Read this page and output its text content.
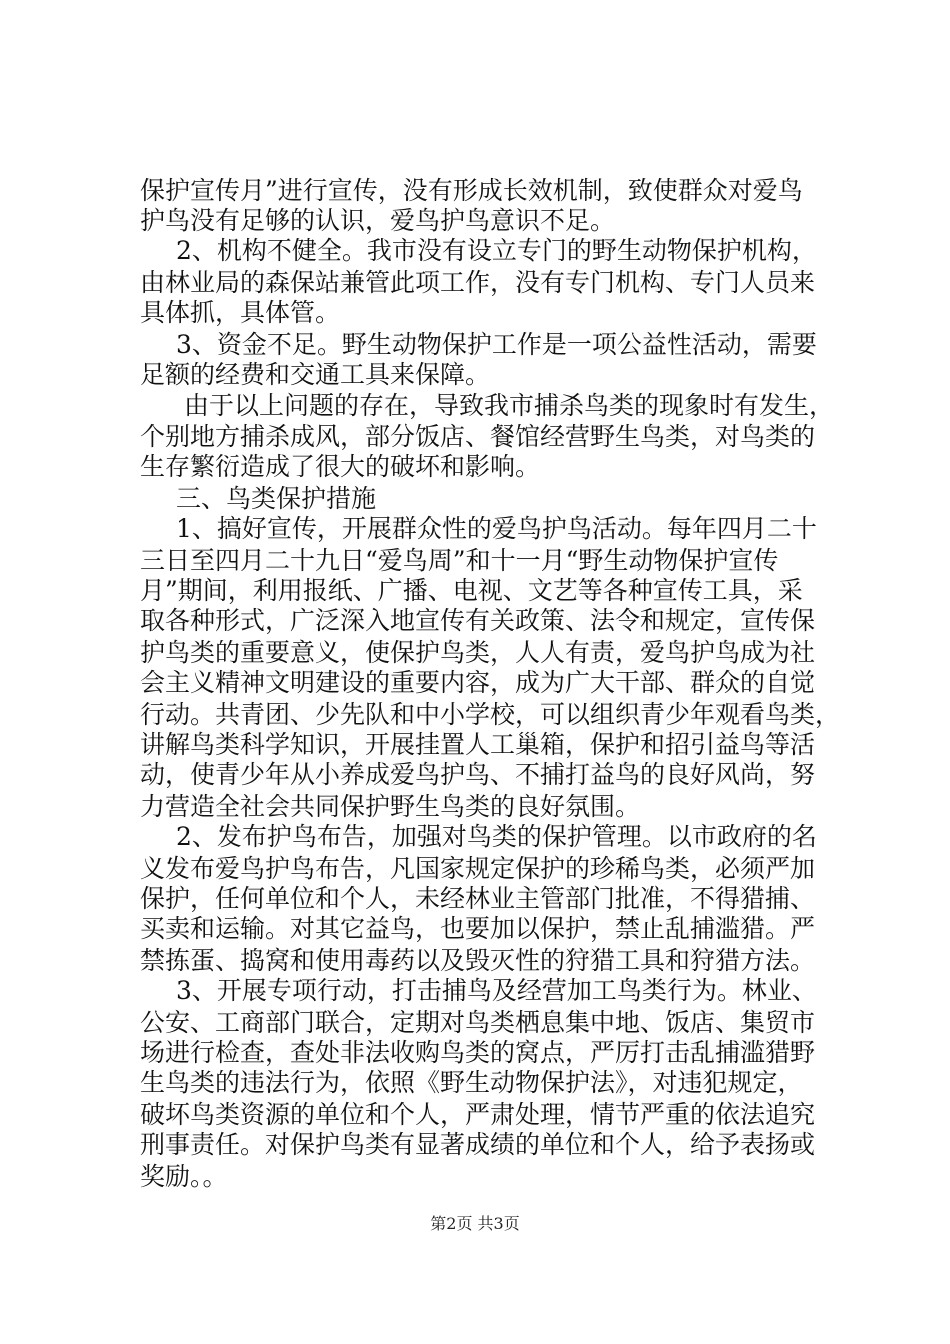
保护宣传月”进行宣传，没有形成长效机制，致使群众对爱鸟
护鸟没有足够的认识，爱鸟护鸟意识不足。
2、机构不健全。我市没有设立专门的野生动物保护机构，
由林业局的森保站兼管此项工作，没有专门机构、专门人员来
具体抓，具体管。
3、资金不足。野生动物保护工作是一项公益性活动，需要
足额的经费和交通工具来保障。
由于以上问题的存在，导致我市捕杀鸟类的现象时有发生，
个别地方捕杀成风，部分饭店、餐馆经营野生鸟类，对鸟类的
生存繁衍造成了很大的破坏和影响。
三、鸟类保护措施
1、搞好宣传，开展群众性的爱鸟护鸟活动。每年四月二十
三日至四月二十九日“爱鸟周”和十一月“野生动物保护宣传
月”期间，利用报纸、广播、电视、文艺等各种宣传工具，采
取各种形式，广泛深入地宣传有关政策、法令和规定，宣传保
护鸟类的重要意义，使保护鸟类，人人有责，爱鸟护鸟成为社
会主义精神文明建设的重要内容，成为广大干部、群众的自觉
行动。共青团、少先队和中小学校，可以组织青少年观看鸟类，
讲解鸟类科学知识，开展挂置人工巢箱，保护和招引益鸟等活
动，使青少年从小养成爱鸟护鸟、不捕打益鸟的良好风尚，努
力营造全社会共同保护野生鸟类的良好氛围。
2、发布护鸟布告，加强对鸟类的保护管理。以市政府的名
义发布爱鸟护鸟布告，凡国家规定保护的珍稀鸟类，必须严加
保护，任何单位和个人，未经林业主管部门批准，不得猎捕、
买卖和运输。对其它益鸟，也要加以保护，禁止乱捕滥猎。严
禁拣蛋、捣窝和使用毒药以及毁灭性的狩猎工具和狩猎方法。
3、开展专项行动，打击捕鸟及经营加工鸟类行为。林业、
公安、工商部门联合，定期对鸟类栖息集中地、饭店、集贸市
场进行检查，查处非法收购鸟类的窝点，严厉打击乱捕滥猎野
生鸟类的违法行为，依照《野生动物保护法》，对违犯规定，
破坏鸟类资源的单位和个人，严肃处理，情节严重的依法追究
刑事责任。对保护鸟类有显著成绩的单位和个人，给予表扬或
奖励。。
第2页 共3页
